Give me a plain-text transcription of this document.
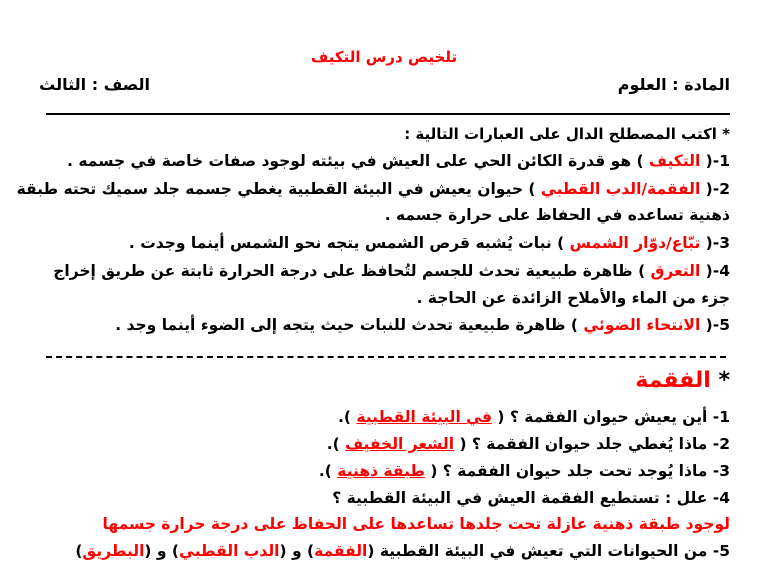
تلخيص درس التكيف
المادة : العلوم
الصف : الثالث
* اكتب المصطلح الدال على العبارات التالية :
1-( التكيف ) هو قدرة الكائن الحي على العيش في بيئته لوجود صفات خاصة في جسمه .
2-( الفقمة/الدب القطبي ) حيوان يعيش في البيئة القطبية يغطي جسمه جلد سميك تحته طبقة
ذهنية تساعده في الحفاظ على حرارة جسمه .
3-( تبّاع/دوّار الشمس ) نبات يُشبه قرص الشمس يتجه نحو الشمس أينما وجدت .
4-( التعرق ) ظاهرة طبيعية تحدث للجسم لتُحافظ على درجة الحرارة ثابتة عن طريق إخراج
جزء من الماء والأملاح الزائدة عن الحاجة .
5-( الانتحاء الضوئي ) ظاهرة طبيعية تحدث للنبات حيث يتجه إلى الضوء أينما وجد .
* الفقمة
1- أين يعيش حيوان الفقمة ؟ ( في البيئة القطبية ).
2- ماذا يُغطي جلد حيوان الفقمة ؟ ( الشعر الخفيف ).
3- ماذا يُوجد تحت جلد حيوان الفقمة ؟ ( طبقة ذهنية ).
4- علل : تستطيع الفقمة العيش في البيئة القطبية ؟
لوجود طبقة ذهنية عازلة تحت جلدها تساعدها على الحفاظ على درجة حرارة جسمها
5- من الحيوانات التي تعيش في البيئة القطبية (الفقمة) و (الدب القطبي) و (البطريق)
